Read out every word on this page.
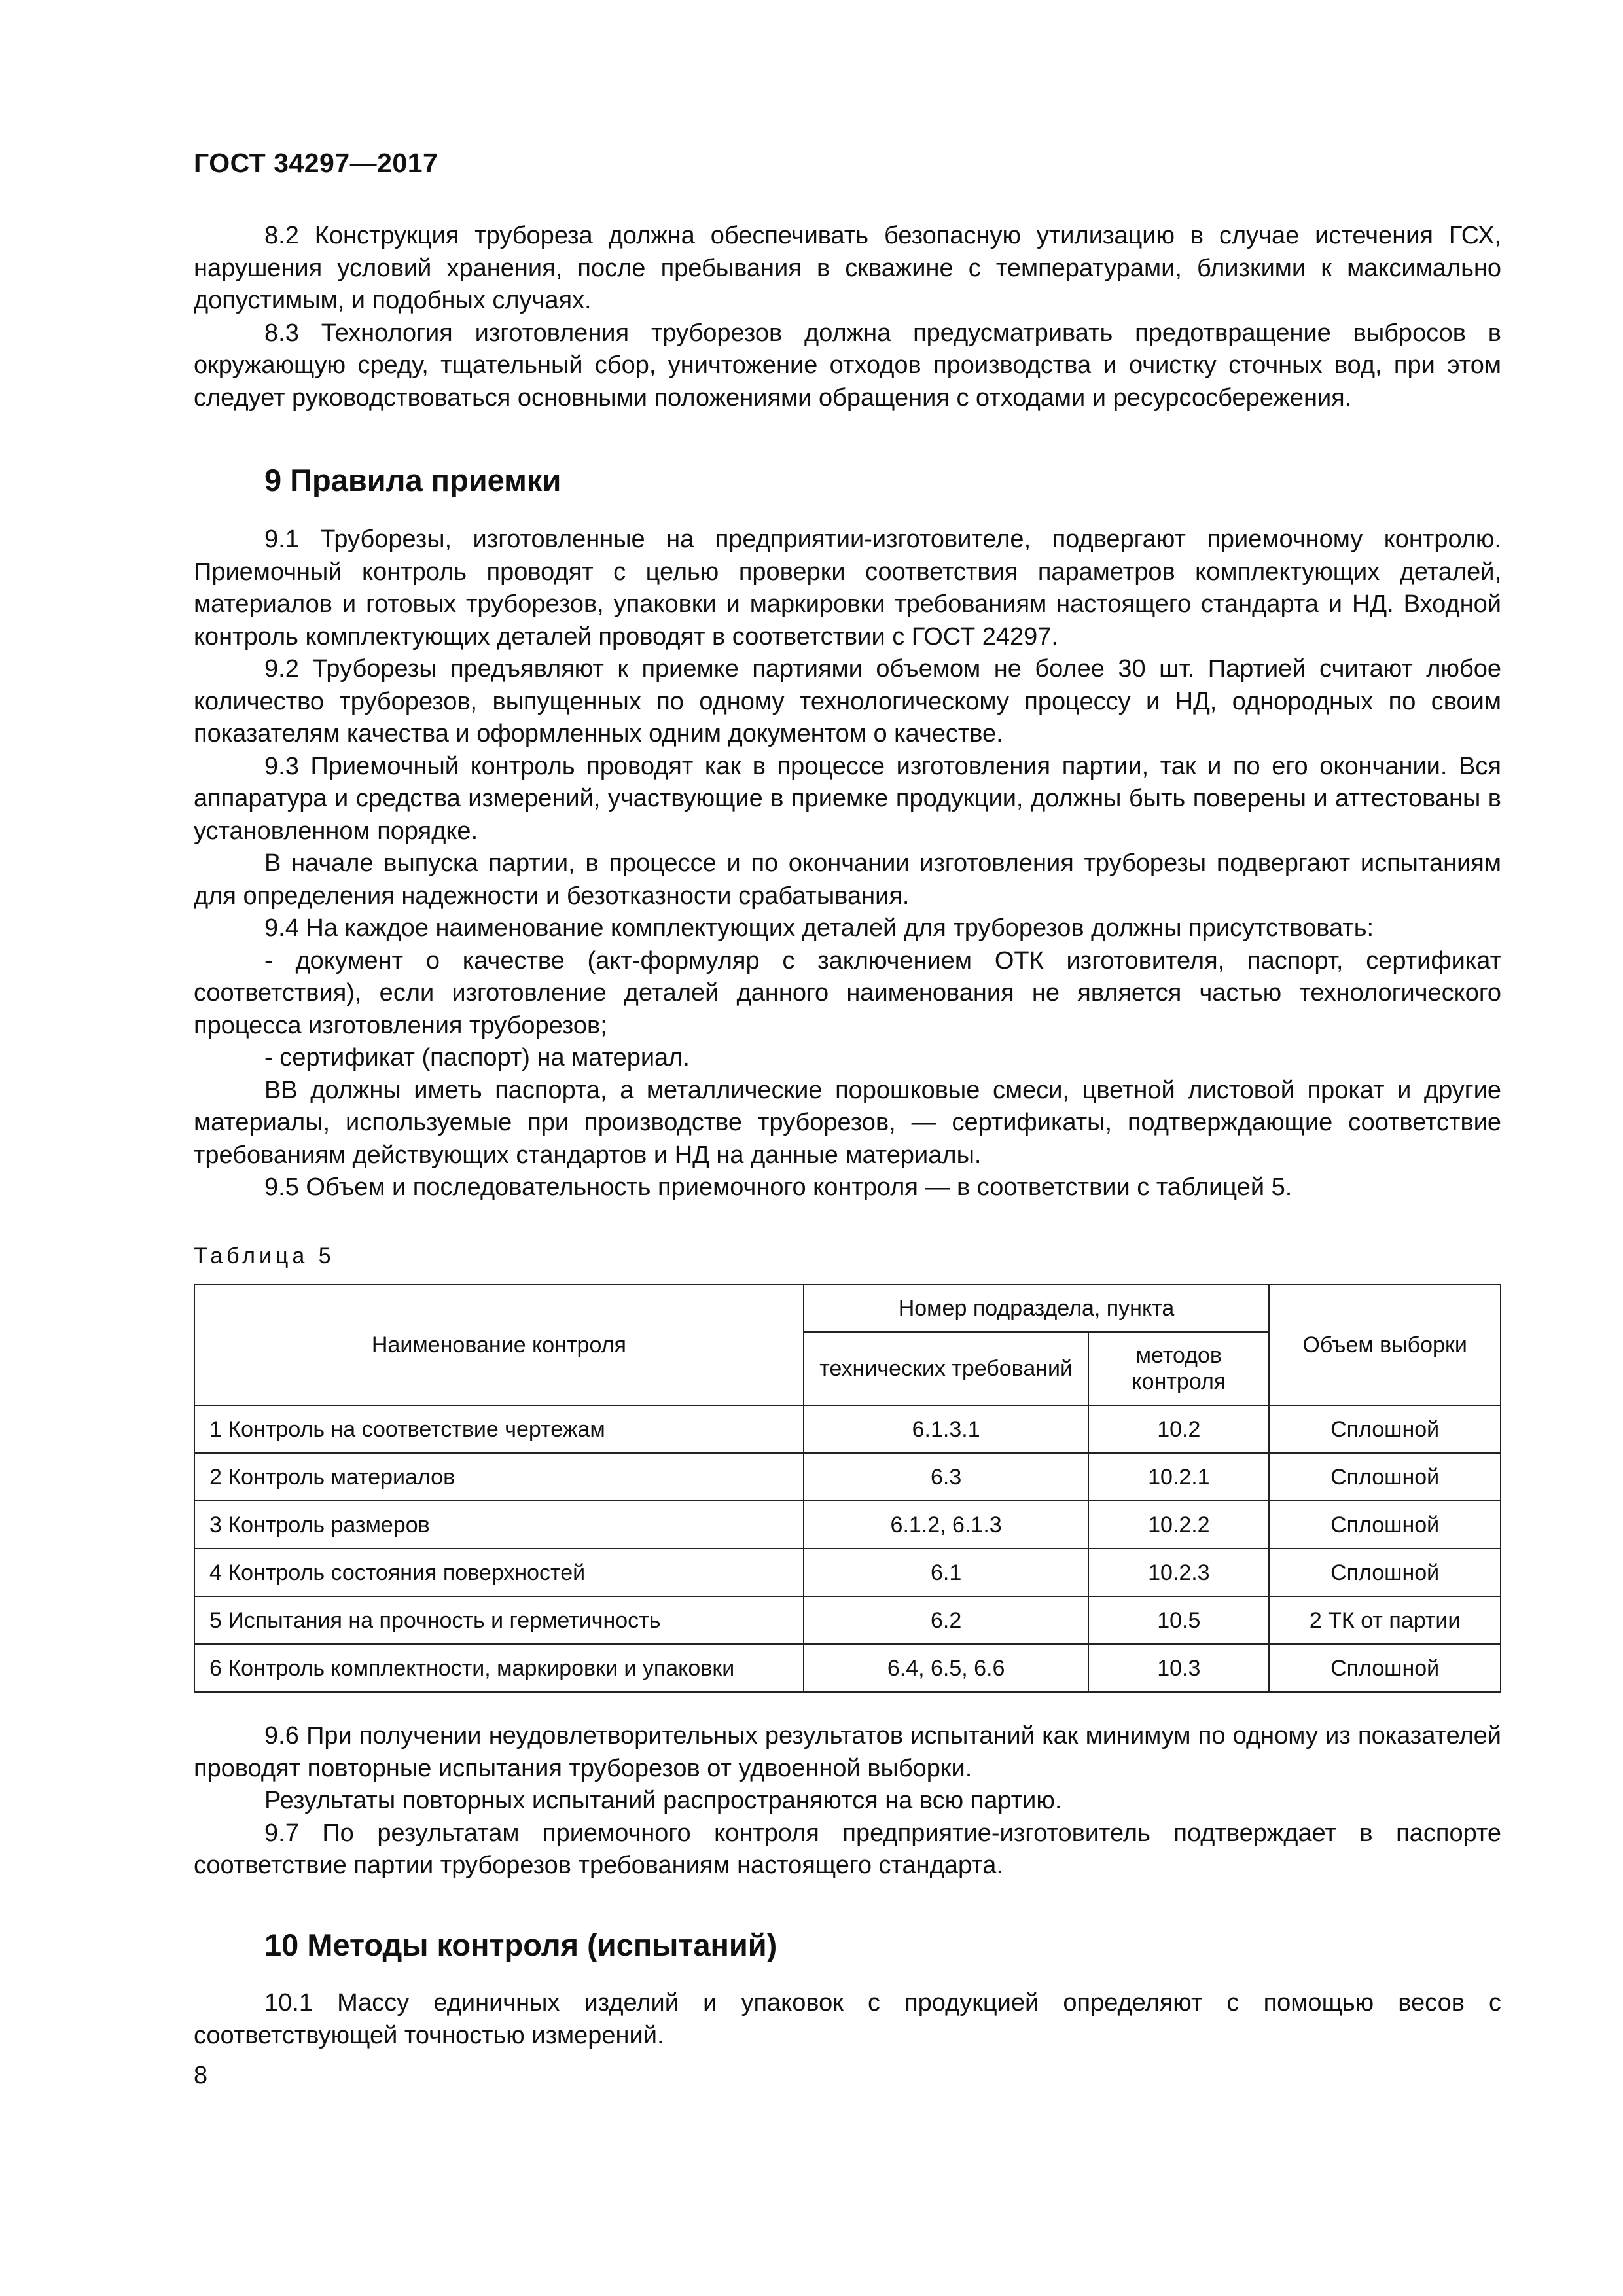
ГОСТ 34297—2017

8.2 Конструкция трубореза должна обеспечивать безопасную утилизацию в случае истечения ГСХ, нарушения условий хранения, после пребывания в скважине с температурами, близкими к максимально допустимым, и подобных случаях.

8.3 Технология изготовления труборезов должна предусматривать предотвращение выбросов в окружающую среду, тщательный сбор, уничтожение отходов производства и очистку сточных вод, при этом следует руководствоваться основными положениями обращения с отходами и ресурсосбережения.

9 Правила приемки

9.1 Труборезы, изготовленные на предприятии-изготовителе, подвергают приемочному контролю. Приемочный контроль проводят с целью проверки соответствия параметров комплектующих деталей, материалов и готовых труборезов, упаковки и маркировки требованиям настоящего стандарта и НД. Входной контроль комплектующих деталей проводят в соответствии с ГОСТ 24297.

9.2 Труборезы предъявляют к приемке партиями объемом не более 30 шт. Партией считают любое количество труборезов, выпущенных по одному технологическому процессу и НД, однородных по своим показателям качества и оформленных одним документом о качестве.

9.3 Приемочный контроль проводят как в процессе изготовления партии, так и по его окончании. Вся аппаратура и средства измерений, участвующие в приемке продукции, должны быть поверены и аттестованы в установленном порядке.

В начале выпуска партии, в процессе и по окончании изготовления труборезы подвергают испытаниям для определения надежности и безотказности срабатывания.

9.4 На каждое наименование комплектующих деталей для труборезов должны присутствовать:

- документ о качестве (акт-формуляр с заключением ОТК изготовителя, паспорт, сертификат соответствия), если изготовление деталей данного наименования не является частью технологического процесса изготовления труборезов;

- сертификат (паспорт) на материал.

ВВ должны иметь паспорта, а металлические порошковые смеси, цветной листовой прокат и другие материалы, используемые при производстве труборезов, — сертификаты, подтверждающие соответствие требованиям действующих стандартов и НД на данные материалы.

9.5 Объем и последовательность приемочного контроля — в соответствии с таблицей 5.

Таблица 5
Наименование контроля	Номер подраздела, пункта		Объем выборки
	технических требований	методов контроля	
1 Контроль на соответствие чертежам	6.1.3.1	10.2	Сплошной
2 Контроль материалов	6.3	10.2.1	Сплошной
3 Контроль размеров	6.1.2, 6.1.3	10.2.2	Сплошной
4 Контроль состояния поверхностей	6.1	10.2.3	Сплошной
5 Испытания на прочность и герметичность	6.2	10.5	2 ТК от партии
6 Контроль комплектности, маркировки и упаковки	6.4, 6.5, 6.6	10.3	Сплошной

9.6 При получении неудовлетворительных результатов испытаний как минимум по одному из показателей проводят повторные испытания труборезов от удвоенной выборки.

Результаты повторных испытаний распространяются на всю партию.

9.7 По результатам приемочного контроля предприятие-изготовитель подтверждает в паспорте соответствие партии труборезов требованиям настоящего стандарта.

10 Методы контроля (испытаний)

10.1 Массу единичных изделий и упаковок с продукцией определяют с помощью весов с соответствующей точностью измерений.

8
